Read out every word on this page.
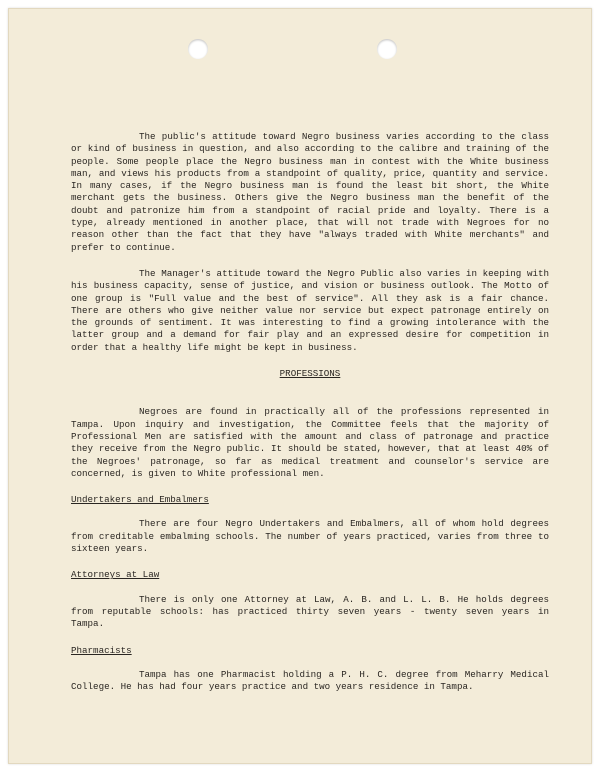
The public's attitude toward Negro business varies according to the class or kind of business in question, and also according to the calibre and training of the people. Some people place the Negro business man in contest with the White business man, and views his products from a standpoint of quality, price, quantity and service. In many cases, if the Negro business man is found the least bit short, the White merchant gets the business. Others give the Negro business man the benefit of the doubt and patronize him from a standpoint of racial pride and loyalty. There is a type, already mentioned in another place, that will not trade with Negroes for no reason other than the fact that they have "always traded with White merchants" and prefer to continue.

The Manager's attitude toward the Negro Public also varies in keeping with his business capacity, sense of justice, and vision or business outlook. The Motto of one group is "Full value and the best of service". All they ask is a fair chance. There are others who give neither value nor service but expect patronage entirely on the grounds of sentiment. It was interesting to find a growing intolerance with the latter group and a demand for fair play and an expressed desire for competition in order that a healthy life might be kept in business.

PROFESSIONS

Negroes are found in practically all of the professions represented in Tampa. Upon inquiry and investigation, the Committee feels that the majority of Professional Men are satisfied with the amount and class of patronage and practice they receive from the Negro public. It should be stated, however, that at least 40% of the Negroes' patronage, so far as medical treatment and counselor's service are concerned, is given to White professional men.

Undertakers and Embalmers

There are four Negro Undertakers and Embalmers, all of whom hold degrees from creditable embalming schools. The number of years practiced, varies from three to sixteen years.

Attorneys at Law

There is only one Attorney at Law, A. B. and L. L. B. He holds degrees from reputable schools: has practiced thirty seven years - twenty seven years in Tampa.

Pharmacists

Tampa has one Pharmacist holding a P. H. C. degree from Meharry Medical College. He has had four years practice and two years residence in Tampa.
